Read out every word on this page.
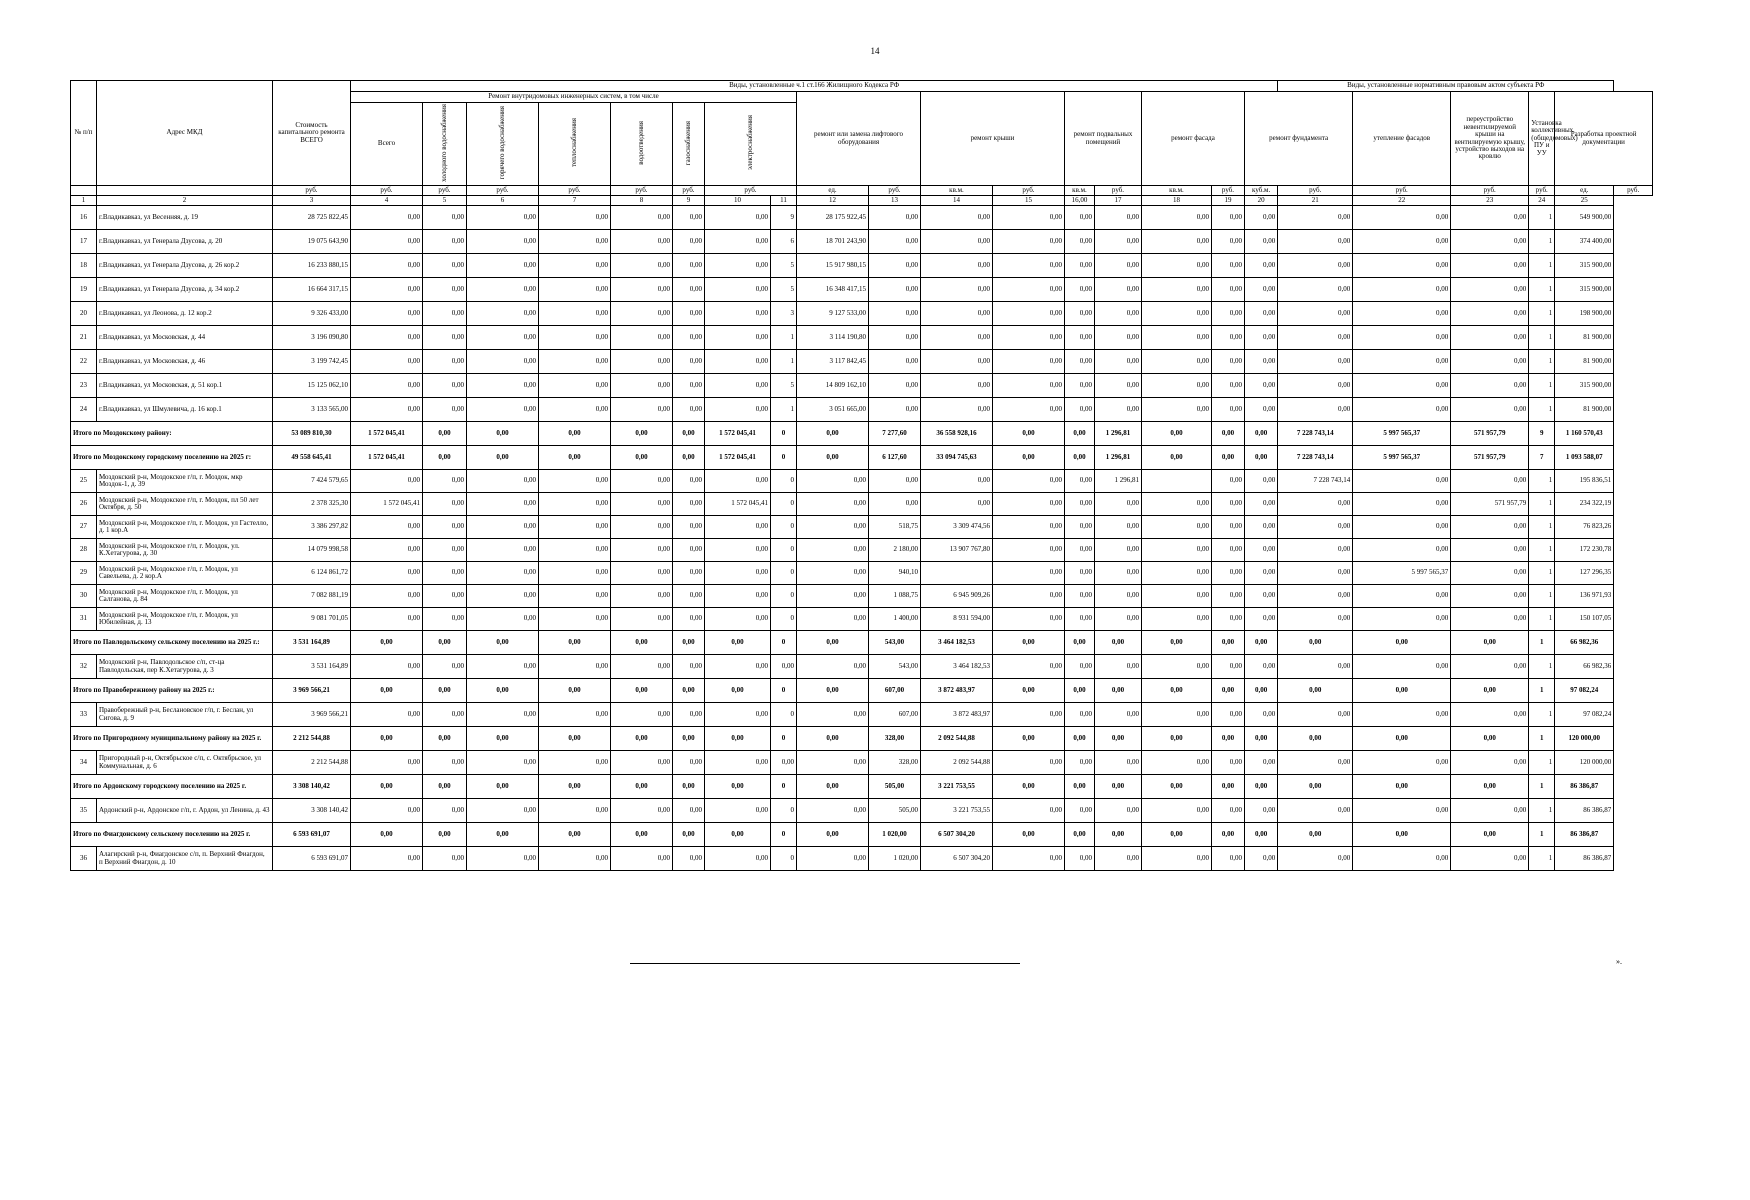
14
№ п/п	Адрес МКД	Стоимость капитального ремонта ВСЕГО	Виды, установленные ч.1 ст.166 Жилищного Кодекса РФ																	Виды, установленные нормативным правовым актом субъекта РФ					
			Ремонт внутридомовых инженерных систем, в том числе								ремонт или замена лифтового оборудования		ремонт крыши		ремонт подвальных помещений		ремонт фасада		ремонт фундамента		утепление фасадов	переустройство невентилируемой крыши на вентилируемую крышу, устройство выходов на кровлю	Установка коллективных (общедомовых) ПУ и УУ	Разработка проектной документации	
			Всего	холодного водоснабжения	горячего водоснабжения	теплоснабжения	водоотведения	газоснабжения	электроснабжения																
		руб.	руб.	руб.	руб.	руб.	руб.	руб.	руб.		ед.	руб.	кв.м.	руб.	кв.м.	руб.	кв.м.	руб.	куб.м.	руб.	руб.	руб.	руб.	ед.	руб.
1	2	3	4	5	6	7	8	9	10	11	12	13	14	15	16,00	17	18	19	20	21	22	23	24	25	
16	г.Владикавказ, ул Весенняя, д. 19	28 725 822,45	0,00	0,00	0,00	0,00	0,00	0,00	0,00	9	28 175 922,45	0,00	0,00	0,00	0,00	0,00	0,00	0,00	0,00	0,00	0,00	0,00	1	549 900,00	
17	г.Владикавказ, ул Генерала Дзусова, д. 20	19 075 643,90	0,00	0,00	0,00	0,00	0,00	0,00	0,00	6	18 701 243,90	0,00	0,00	0,00	0,00	0,00	0,00	0,00	0,00	0,00	0,00	0,00	1	374 400,00	
18	г.Владикавказ, ул Генерала Дзусова, д. 26 кор.2	16 233 880,15	0,00	0,00	0,00	0,00	0,00	0,00	0,00	5	15 917 980,15	0,00	0,00	0,00	0,00	0,00	0,00	0,00	0,00	0,00	0,00	0,00	1	315 900,00	
19	г.Владикавказ, ул Генерала Дзусова, д. 34 кор.2	16 664 317,15	0,00	0,00	0,00	0,00	0,00	0,00	0,00	5	16 348 417,15	0,00	0,00	0,00	0,00	0,00	0,00	0,00	0,00	0,00	0,00	0,00	1	315 900,00	
20	г.Владикавказ, ул Леонова, д. 12 кор.2	9 326 433,00	0,00	0,00	0,00	0,00	0,00	0,00	0,00	3	9 127 533,00	0,00	0,00	0,00	0,00	0,00	0,00	0,00	0,00	0,00	0,00	0,00	1	198 900,00	
21	г.Владикавказ, ул Московская, д. 44	3 196 090,80	0,00	0,00	0,00	0,00	0,00	0,00	0,00	1	3 114 190,80	0,00	0,00	0,00	0,00	0,00	0,00	0,00	0,00	0,00	0,00	0,00	1	81 900,00	
22	г.Владикавказ, ул Московская, д. 46	3 199 742,45	0,00	0,00	0,00	0,00	0,00	0,00	0,00	1	3 117 842,45	0,00	0,00	0,00	0,00	0,00	0,00	0,00	0,00	0,00	0,00	0,00	1	81 900,00	
23	г.Владикавказ, ул Московская, д. 51 кор.1	15 125 062,10	0,00	0,00	0,00	0,00	0,00	0,00	0,00	5	14 809 162,10	0,00	0,00	0,00	0,00	0,00	0,00	0,00	0,00	0,00	0,00	0,00	1	315 900,00	
24	г.Владикавказ, ул Шмулевича, д. 16 кор.1	3 133 565,00	0,00	0,00	0,00	0,00	0,00	0,00	0,00	1	3 051 665,00	0,00	0,00	0,00	0,00	0,00	0,00	0,00	0,00	0,00	0,00	0,00	1	81 900,00	
Итого по Моздокскому району:		53 089 810,30	1 572 045,41	0,00	0,00	0,00	0,00	0,00	1 572 045,41	0	0,00	7 277,60	36 558 928,16	0,00	0,00	1 296,81	0,00	0,00	0,00	7 228 743,14	5 997 565,37	571 957,79	9	1 160 570,43	
Итого по Моздокскому городскому поселению на 2025 г:		49 558 645,41	1 572 045,41	0,00	0,00	0,00	0,00	0,00	1 572 045,41	0	0,00	6 127,60	33 094 745,63	0,00	0,00	1 296,81	0,00	0,00	0,00	7 228 743,14	5 997 565,37	571 957,79	7	1 093 588,07	
25	Моздокский р-н, Моздокское г/п, г. Моздок, мкр Моздок-1, д. 39	7 424 579,65	0,00	0,00	0,00	0,00	0,00	0,00	0,00	0	0,00	0,00	0,00	0,00	0,00	1 296,81		0,00	0,00	7 228 743,14	0,00	0,00	1	195 836,51	
26	Моздокский р-н, Моздокское г/п, г. Моздок, пл 50 лет Октября, д. 50	2 378 325,30	1 572 045,41	0,00	0,00	0,00	0,00	0,00	1 572 045,41	0	0,00	0,00	0,00	0,00	0,00	0,00	0,00	0,00	0,00	0,00	0,00	571 957,79	1	234 322,19	
27	Моздокский р-н, Моздокское г/п, г. Моздок, ул Гастелло, д. 1 кор.А	3 386 297,82	0,00	0,00	0,00	0,00	0,00	0,00	0,00	0	0,00	518,75	3 309 474,56	0,00	0,00	0,00	0,00	0,00	0,00	0,00	0,00	0,00	1	76 823,26	
28	Моздокский р-н, Моздокское г/п, г. Моздок, ул. К.Хетагурова, д. 30	14 079 998,58	0,00	0,00	0,00	0,00	0,00	0,00	0,00	0	0,00	2 180,00	13 907 767,80	0,00	0,00	0,00	0,00	0,00	0,00	0,00	0,00	0,00	1	172 230,78	
29	Моздокский р-н, Моздокское г/п, г. Моздок, ул Савельева, д. 2 кор.А	6 124 861,72	0,00	0,00	0,00	0,00	0,00	0,00	0,00	0	0,00	940,10		0,00	0,00	0,00	0,00	0,00	0,00	0,00	5 997 565,37	0,00	1	127 296,35	
30	Моздокский р-н, Моздокское г/п, г. Моздок, ул Салганова, д. 84	7 082 881,19	0,00	0,00	0,00	0,00	0,00	0,00	0,00	0	0,00	1 088,75	6 945 909,26	0,00	0,00	0,00	0,00	0,00	0,00	0,00	0,00	0,00	1	136 971,93	
31	Моздокский р-н, Моздокское г/п, г. Моздок, ул Юбилейная, д. 13	9 081 701,05	0,00	0,00	0,00	0,00	0,00	0,00	0,00	0	0,00	1 400,00	8 931 594,00	0,00	0,00	0,00	0,00	0,00	0,00	0,00	0,00	0,00	1	150 107,05	
Итого по Павлодольскому сельскому поселению на 2025 г.:		3 531 164,89	0,00	0,00	0,00	0,00	0,00	0,00	0,00	0	0,00	543,00	3 464 182,53	0,00	0,00	0,00	0,00	0,00	0,00	0,00	0,00	0,00	1	66 982,36	
32	Моздокский р-н, Павлодольское с/п, ст-ца Павлодольская, пер К.Хетагурова, д. 3	3 531 164,89	0,00	0,00	0,00	0,00	0,00	0,00	0,00	0,00	0,00	543,00	3 464 182,53	0,00	0,00	0,00	0,00	0,00	0,00	0,00	0,00	0,00	1	66 982,36	
Итого по Правобережному району на 2025 г.:		3 969 566,21	0,00	0,00	0,00	0,00	0,00	0,00	0,00	0	0,00	607,00	3 872 483,97	0,00	0,00	0,00	0,00	0,00	0,00	0,00	0,00	0,00	1	97 082,24	
33	Правобережный р-н, Беслановское г/п, г. Беслан, ул Сигова, д. 9	3 969 566,21	0,00	0,00	0,00	0,00	0,00	0,00	0,00	0	0,00	607,00	3 872 483,97	0,00	0,00	0,00	0,00	0,00	0,00	0,00	0,00	0,00	1	97 082,24	
Итого по Пригородному муниципальному району на 2025 г.		2 212 544,88	0,00	0,00	0,00	0,00	0,00	0,00	0,00	0	0,00	328,00	2 092 544,88	0,00	0,00	0,00	0,00	0,00	0,00	0,00	0,00	0,00	1	120 000,00	
34	Пригородный р-н, Октябрьское с/п, с. Октябрьское, ул Коммунальная, д. 6	2 212 544,88	0,00	0,00	0,00	0,00	0,00	0,00	0,00	0,00	0,00	328,00	2 092 544,88	0,00	0,00	0,00	0,00	0,00	0,00	0,00	0,00	0,00	1	120 000,00	
Итого по Ардонскому городскому поселению на 2025 г.		3 308 140,42	0,00	0,00	0,00	0,00	0,00	0,00	0,00	0	0,00	505,00	3 221 753,55	0,00	0,00	0,00	0,00	0,00	0,00	0,00	0,00	0,00	1	86 386,87	
35	Ардонский р-н, Ардонское г/п, г. Ардон, ул Ленина, д. 43	3 308 140,42	0,00	0,00	0,00	0,00	0,00	0,00	0,00	0	0,00	505,00	3 221 753,55	0,00	0,00	0,00	0,00	0,00	0,00	0,00	0,00	0,00	1	86 386,87	
Итого по Фиагдонскому сельскому поселению на 2025 г.		6 593 691,07	0,00	0,00	0,00	0,00	0,00	0,00	0,00	0	0,00	1 020,00	6 507 304,20	0,00	0,00	0,00	0,00	0,00	0,00	0,00	0,00	0,00	1	86 386,87	
36	Алагирский р-н, Фиагдонское с/п, п. Верхний Фиагдон, п Верхний Фиагдон, д. 10	6 593 691,07	0,00	0,00	0,00	0,00	0,00	0,00	0,00	0	0,00	1 020,00	6 507 304,20	0,00	0,00	0,00	0,00	0,00	0,00	0,00	0,00	0,00	1	86 386,87	
».
